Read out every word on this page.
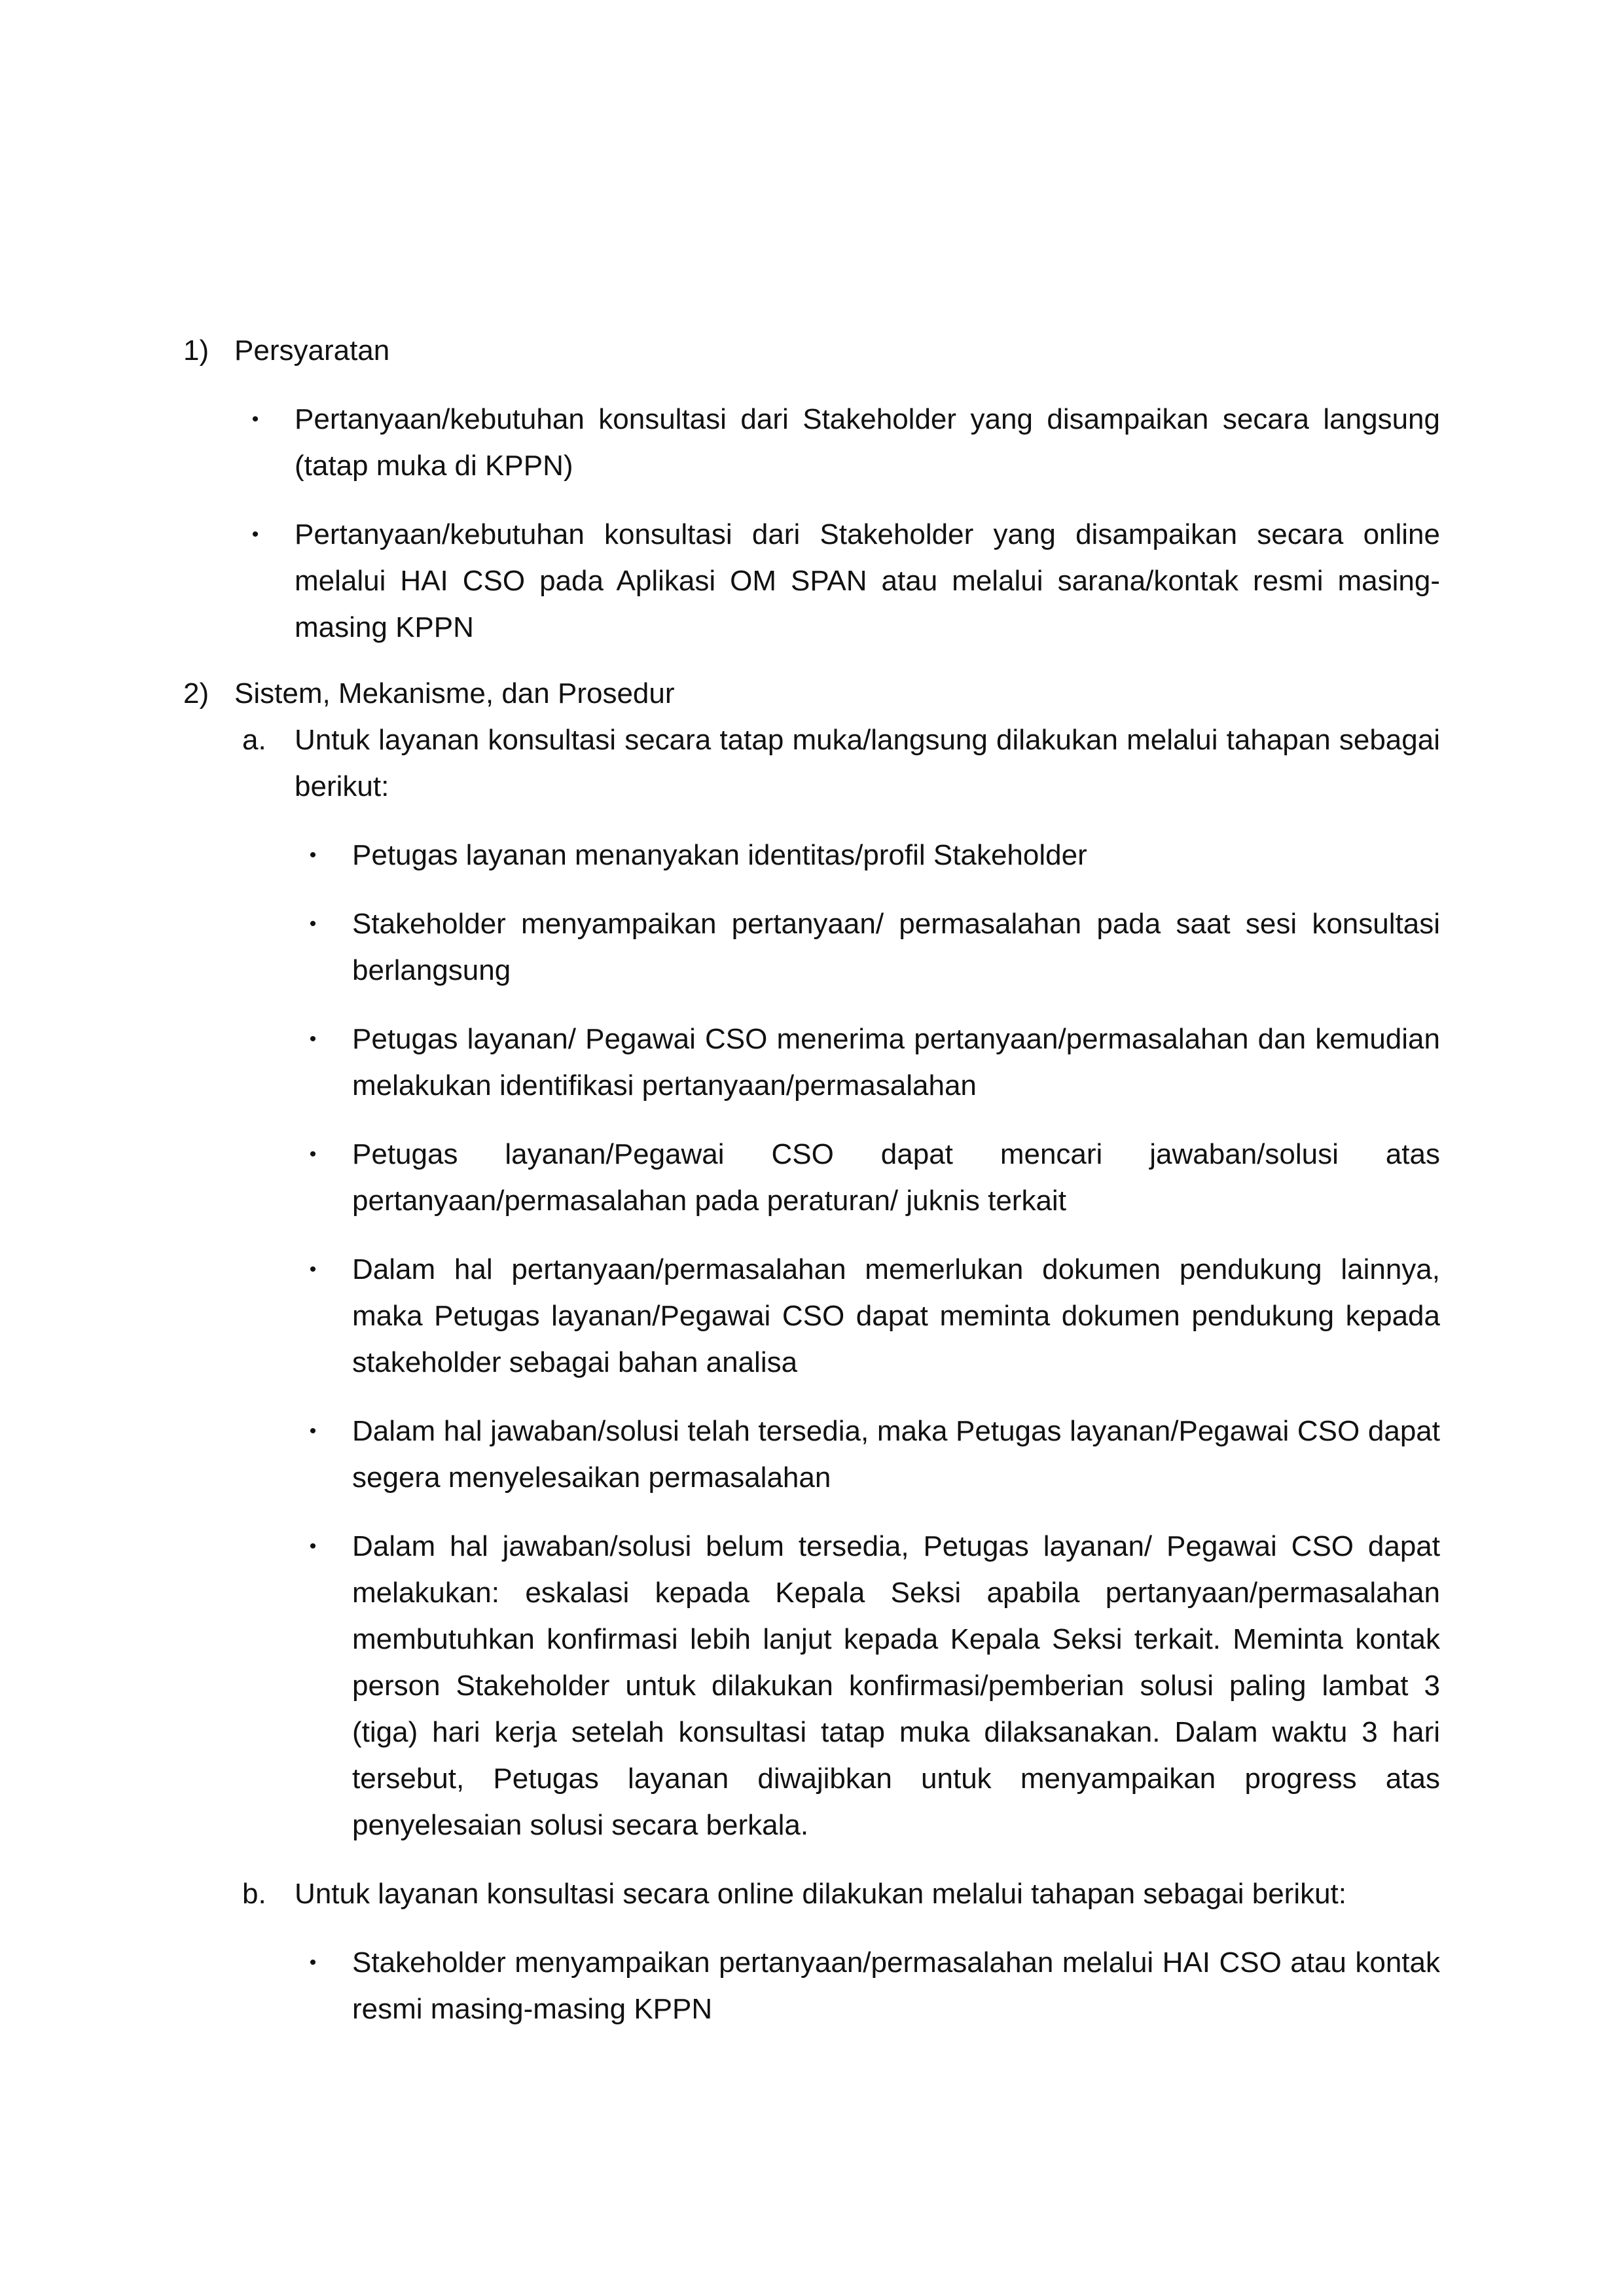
1) Persyaratan
•	Pertanyaan/kebutuhan konsultasi dari Stakeholder yang disampaikan secara langsung (tatap muka di KPPN)
•	Pertanyaan/kebutuhan konsultasi dari Stakeholder yang disampaikan secara online melalui HAI CSO pada Aplikasi OM SPAN atau melalui sarana/kontak resmi masing-masing KPPN
2) Sistem, Mekanisme, dan Prosedur
a. Untuk layanan konsultasi secara tatap muka/langsung dilakukan melalui tahapan sebagai berikut:
•	Petugas layanan menanyakan identitas/profil Stakeholder
•	Stakeholder menyampaikan pertanyaan/ permasalahan pada saat sesi konsultasi berlangsung
•	Petugas layanan/ Pegawai CSO menerima pertanyaan/permasalahan dan kemudian melakukan identifikasi pertanyaan/permasalahan
•	Petugas layanan/Pegawai CSO dapat mencari jawaban/solusi atas pertanyaan/permasalahan pada peraturan/ juknis terkait
•	Dalam hal pertanyaan/permasalahan memerlukan dokumen pendukung lainnya, maka Petugas layanan/Pegawai CSO dapat meminta dokumen pendukung kepada stakeholder sebagai bahan analisa
•	Dalam hal jawaban/solusi telah tersedia, maka Petugas layanan/Pegawai CSO dapat segera menyelesaikan permasalahan
•	Dalam hal jawaban/solusi belum tersedia, Petugas layanan/ Pegawai CSO dapat melakukan: eskalasi kepada Kepala Seksi apabila pertanyaan/permasalahan membutuhkan konfirmasi lebih lanjut kepada Kepala Seksi terkait. Meminta kontak person Stakeholder untuk dilakukan konfirmasi/pemberian solusi paling lambat 3 (tiga) hari kerja setelah konsultasi tatap muka dilaksanakan. Dalam waktu 3 hari tersebut, Petugas layanan diwajibkan untuk menyampaikan progress atas penyelesaian solusi secara berkala.
b. Untuk layanan konsultasi secara online dilakukan melalui tahapan sebagai berikut:
•	Stakeholder menyampaikan pertanyaan/permasalahan melalui HAI CSO atau kontak resmi masing-masing KPPN
